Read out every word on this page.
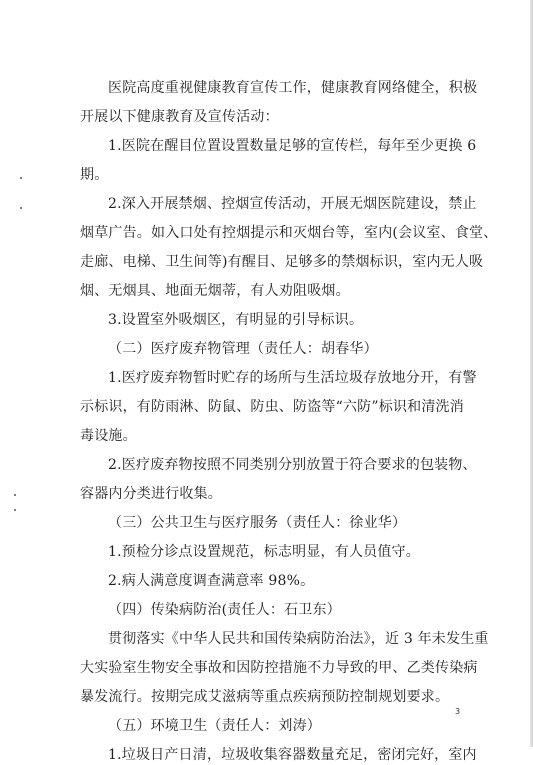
医院高度重视健康教育宣传工作，健康教育网络健全，积极
开展以下健康教育及宣传活动：
1.医院在醒目位置设置数量足够的宣传栏，每年至少更换 6
期。
2.深入开展禁烟、控烟宣传活动，开展无烟医院建设，禁止
烟草广告。如入口处有控烟提示和灭烟台等，室内(会议室、食堂、
走廊、电梯、卫生间等)有醒目、足够多的禁烟标识，室内无人吸
烟、无烟具、地面无烟蒂，有人劝阻吸烟。
3.设置室外吸烟区，有明显的引导标识。
（二）医疗废弃物管理（责任人：胡春华）
1.医疗废弃物暂时贮存的场所与生活垃圾存放地分开，有警
示标识，有防雨淋、防鼠、防虫、防盗等“六防”标识和清洗消
毒设施。
2.医疗废弃物按照不同类别分别放置于符合要求的包装物、
容器内分类进行收集。
（三）公共卫生与医疗服务（责任人：徐业华）
1.预检分诊点设置规范，标志明显，有人员值守。
2.病人满意度调查满意率 98%。
（四）传染病防治(责任人：石卫东）
贯彻落实《中华人民共和国传染病防治法》，近 3 年未发生重
大实验室生物安全事故和因防控措施不力导致的甲、乙类传染病
暴发流行。按期完成艾滋病等重点疾病预防控制规划要求。
（五）环境卫生（责任人：刘涛）
1.垃圾日产日清，垃圾收集容器数量充足，密闭完好，室内
3
